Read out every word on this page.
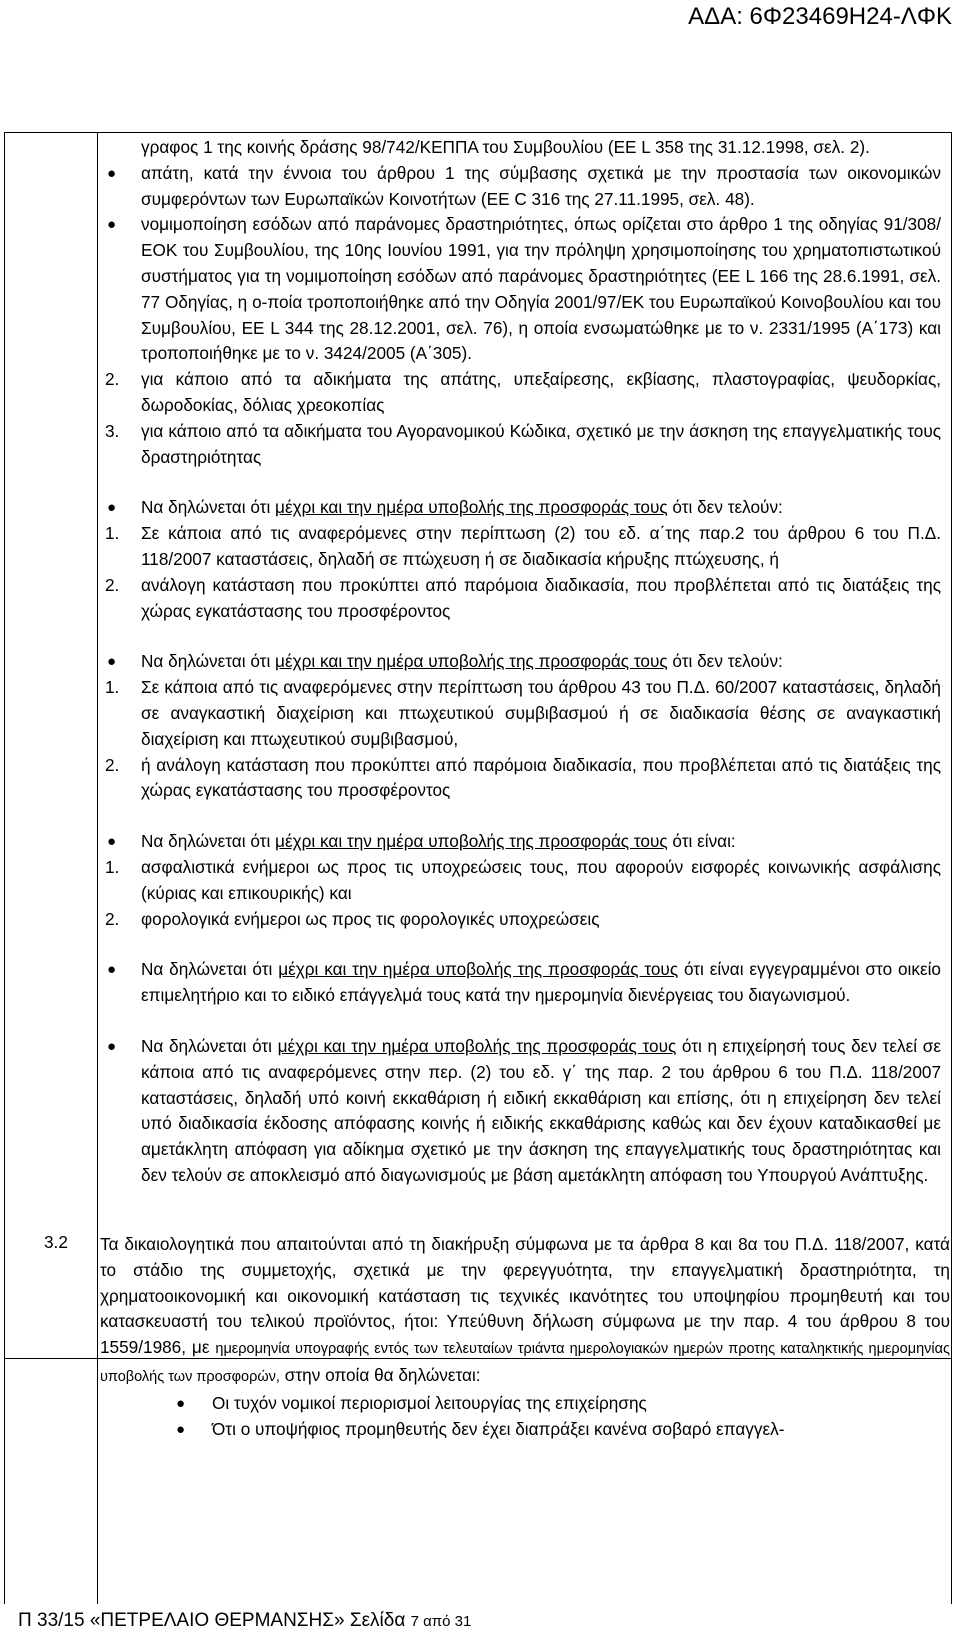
ΑΔΑ: 6Φ23469Η24-ΛΦΚ

γραφος 1 της κοινής δράσης 98/742/ΚΕΠΠΑ του Συμβουλίου (ΕΕ L 358 της 31.12.1998, σελ. 2).

● απάτη, κατά την έννοια του άρθρου 1 της σύμβασης σχετικά με την προστασία των οικονομικών συμφερόντων των Ευρωπαϊκών Κοινοτήτων (ΕΕ C 316 της 27.11.1995, σελ. 48).
● νομιμοποίηση εσόδων από παράνομες δραστηριότητες, όπως ορίζεται στο άρθρο 1 της οδηγίας 91/308/ΕΟΚ του Συμβουλίου, της 10ης Ιουνίου 1991, για την πρόληψη χρησιμοποίησης του χρηματοπιστωτικού συστήματος για τη νομιμοποίηση εσόδων από παράνομες δραστηριότητες (ΕΕ L 166 της 28.6.1991, σελ. 77 Οδηγίας, η ο-ποία τροποποιήθηκε από την Οδηγία 2001/97/ΕΚ του Ευρωπαϊκού Κοινοβουλίου και του Συμβουλίου, ΕΕ L 344 της 28.12.2001, σελ. 76), η οποία ενσωματώθηκε με το ν. 2331/1995 (Α΄173) και τροποποιήθηκε με το ν. 3424/2005 (Α΄305).
2. για κάποιο από τα αδικήματα της απάτης, υπεξαίρεσης, εκβίασης, πλαστογραφίας, ψευδορκίας, δωροδοκίας, δόλιας χρεοκοπίας
3. για κάποιο από τα αδικήματα του Αγορανομικού Κώδικα, σχετικό με την άσκηση της επαγγελματικής τους δραστηριότητας
● Να δηλώνεται ότι μέχρι και την ημέρα υποβολής της προσφοράς τους ότι δεν τελούν:
1. Σε κάποια από τις αναφερόμενες στην περίπτωση (2) του εδ. α΄της παρ.2 του άρθρου 6 του Π.Δ. 118/2007 καταστάσεις, δηλαδή σε πτώχευση ή σε διαδικασία κήρυξης πτώχευσης, ή
2. ανάλογη κατάσταση που προκύπτει από παρόμοια διαδικασία, που προβλέπεται από τις διατάξεις της χώρας εγκατάστασης του προσφέροντος
● Να δηλώνεται ότι μέχρι και την ημέρα υποβολής της προσφοράς τους ότι δεν τελούν:
1. Σε κάποια από τις αναφερόμενες στην περίπτωση του άρθρου 43 του Π.Δ. 60/2007 καταστάσεις, δηλαδή σε αναγκαστική διαχείριση και πτωχευτικού συμβιβασμού ή σε διαδικασία θέσης σε αναγκαστική διαχείριση και πτωχευτικού συμβιβασμού,
2. ή ανάλογη κατάσταση που προκύπτει από παρόμοια διαδικασία, που προβλέπεται από τις διατάξεις της χώρας εγκατάστασης του προσφέροντος
● Να δηλώνεται ότι μέχρι και την ημέρα υποβολής της προσφοράς τους ότι είναι:
1. ασφαλιστικά ενήμεροι ως προς τις υποχρεώσεις τους, που αφορούν εισφορές κοινωνικής ασφάλισης (κύριας και επικουρικής) και
2. φορολογικά ενήμεροι ως προς τις φορολογικές υποχρεώσεις
● Να δηλώνεται ότι μέχρι και την ημέρα υποβολής της προσφοράς τους ότι είναι εγγεγραμμένοι στο οικείο επιμελητήριο και το ειδικό επάγγελμά τους κατά την ημερομηνία διενέργειας του διαγωνισμού.
● Να δηλώνεται ότι μέχρι και την ημέρα υποβολής της προσφοράς τους ότι η επιχείρησή τους δεν τελεί σε κάποια από τις αναφερόμενες στην περ. (2) του εδ. γ΄ της παρ. 2 του άρθρου 6 του Π.Δ. 118/2007 καταστάσεις, δηλαδή υπό κοινή εκκαθάριση ή ειδική εκκαθάριση και επίσης, ότι η επιχείρηση δεν τελεί υπό διαδικασία έκδοσης απόφασης κοινής ή ειδικής εκκαθάρισης καθώς και δεν έχουν καταδικασθεί με αμετάκλητη απόφαση για αδίκημα σχετικό με την άσκηση της επαγγελματικής τους δραστηριότητας και δεν τελούν σε αποκλεισμό από διαγωνισμούς με βάση αμετάκλητη απόφαση του Υπουργού Ανάπτυξης.
3.2 Τα δικαιολογητικά που απαιτούνται από τη διακήρυξη σύμφωνα με τα άρθρα 8 και 8α του Π.Δ. 118/2007, κατά το στάδιο της συμμετοχής, σχετικά με την φερεγγυότητα, την επαγγελματική δραστηριότητα, τη χρηματοοικονομική και οικονομική κατάσταση τις τεχνικές ικανότητες του υποψηφίου προμηθευτή και του κατασκευαστή του τελικού προϊόντος, ήτοι: Υπεύθυνη δήλωση σύμφωνα με την παρ. 4 του άρθρου 8 του 1559/1986, με ημερομηνία υπογραφής εντός των τελευταίων τριάντα ημερολογιακών ημερών προτης καταληκτικής ημερομηνίας υποβολής των προσφορών, στην οποία θα δηλώνεται:

● Οι τυχόν νομικοί περιορισμοί λειτουργίας της επιχείρησης
● Ότι ο υποψήφιος προμηθευτής δεν έχει διαπράξει κανένα σοβαρό επαγγελ-
Π 33/15 «ΠΕΤΡΕΛΑΙΟ ΘΕΡΜΑΝΣΗΣ» Σελίδα 7 από 31
